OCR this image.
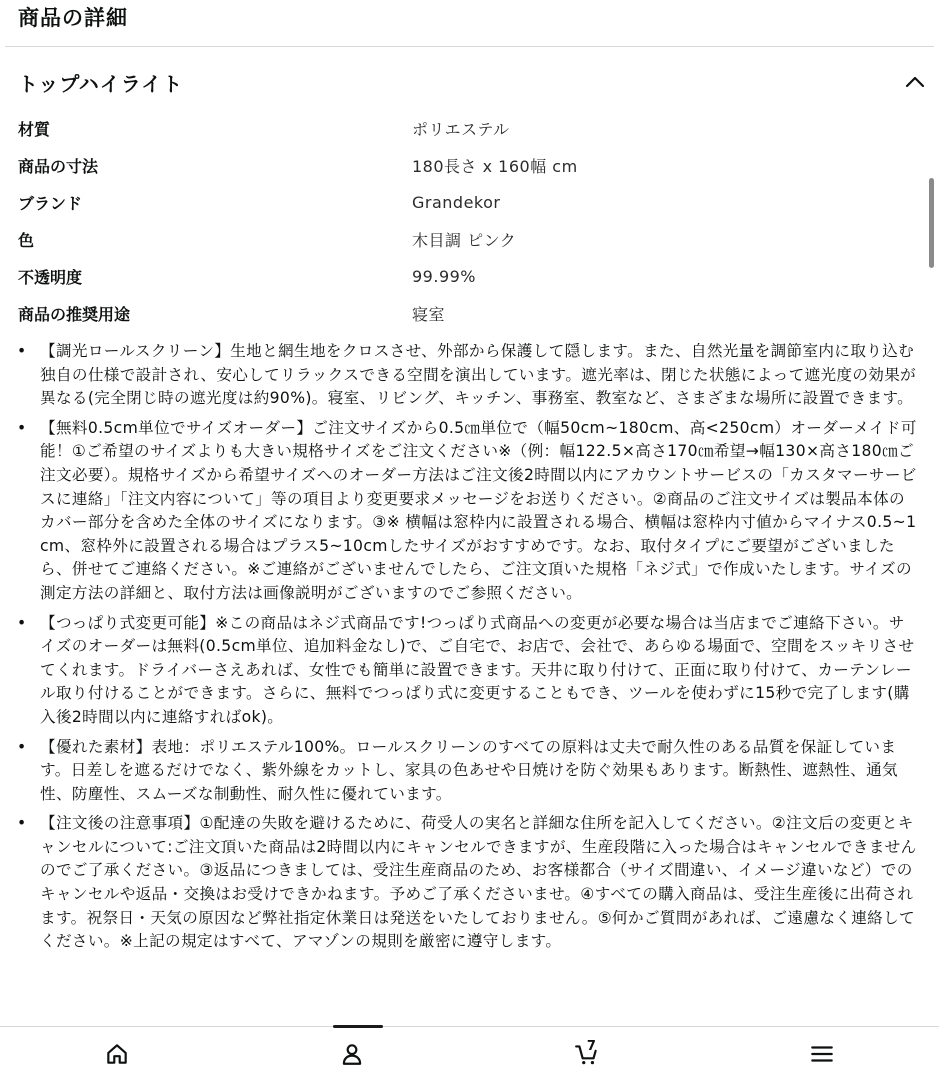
商品の詳細
トップハイライト
材質	ポリエステル
商品の寸法	180長さ x 160幅 cm
ブランド	Grandekor
色	木目調 ピンク
不透明度	99.99%
商品の推奨用途	寝室
• 【調光ロールスクリーン】生地と網生地をクロスさせ、外部から保護して隠します。また、自然光量を調節室内に取り込む独自の仕様で設計され、安心してリラックスできる空間を演出しています。遮光率は、閉じた状態によって遮光度の効果が異なる(完全閉じ時の遮光度は約90%)。寝室、リビング、キッチン、事務室、教室など、さまざまな場所に設置できます。
• 【無料0.5cm単位でサイズオーダー】ご注文サイズから0.5㎝単位で（幅50cm~180cm、高<250cm）オーダーメイド可能！①ご希望のサイズよりも大きい規格サイズをご注文ください※（例：幅122.5×高さ170㎝希望→幅130×高さ180㎝ご注文必要）。規格サイズから希望サイズへのオーダー方法はご注文後2時間以内にアカウントサービスの「カスタマーサービスに連絡」「注文内容について」等の項目より変更要求メッセージをお送りください。②商品のご注文サイズは製品本体のカバー部分を含めた全体のサイズになります。③※ 横幅は窓枠内に設置される場合、横幅は窓枠内寸値からマイナス0.5~1cm、窓枠外に設置される場合はプラス5~10cmしたサイズがおすすめです。なお、取付タイプにご要望がございましたら、併せてご連絡ください。※ご連絡がございませんでしたら、ご注文頂いた規格「ネジ式」で作成いたします。サイズの測定方法の詳細と、取付方法は画像説明がございますのでご参照ください。
• 【つっぱり式変更可能】※この商品はネジ式商品です!つっぱり式商品への変更が必要な場合は当店までご連絡下さい。サイズのオーダーは無料(0.5cm単位、追加料金なし)で、ご自宅で、お店で、会社で、あらゆる場面で、空間をスッキリさせてくれます。ドライバーさえあれば、女性でも簡単に設置できます。天井に取り付けて、正面に取り付けて、カーテンレール取り付けることができます。さらに、無料でつっぱり式に変更することもでき、ツールを使わずに15秒で完了します(購入後2時間以内に連絡すればok)。
• 【優れた素材】表地：ポリエステル100%。ロールスクリーンのすべての原料は丈夫で耐久性のある品質を保証しています。日差しを遮るだけでなく、紫外線をカットし、家具の色あせや日焼けを防ぐ効果もあります。断熱性、遮熱性、通気性、防塵性、スムーズな制動性、耐久性に優れています。
• 【注文後の注意事項】①配達の失敗を避けるために、荷受人の実名と詳細な住所を記入してください。②注文后の変更とキャンセルについて:ご注文頂いた商品は2時間以内にキャンセルできますが、生産段階に入った場合はキャンセルできませんのでご了承ください。③返品につきましては、受注生産商品のため、お客様都合（サイズ間違い、イメージ違いなど）でのキャンセルや返品・交換はお受けできかねます。予めご了承くださいませ。④すべての購入商品は、受注生産後に出荷されます。祝祭日・天気の原因など弊社指定休業日は発送をいたしておりません。⑤何かご質問があれば、ご遠慮なく連絡してください。※上記の規定はすべて、アマゾンの規則を厳密に遵守します。
7
